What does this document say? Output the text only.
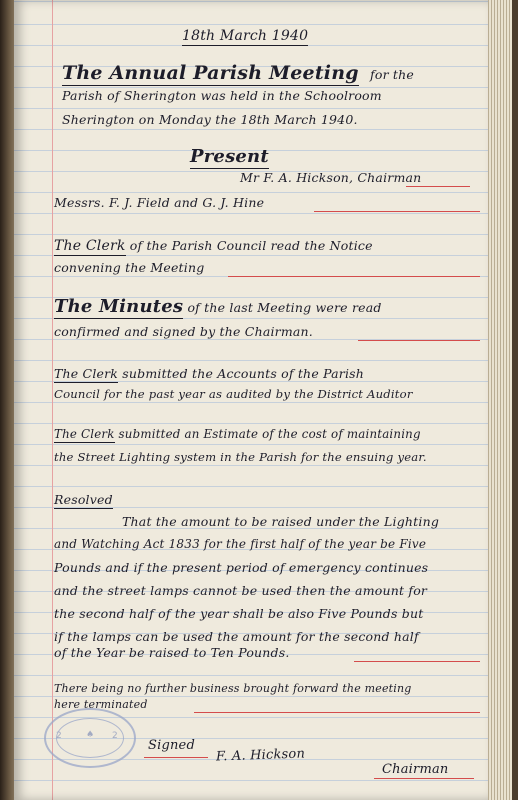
18th March 1940
The Annual Parish Meeting for the
Parish of Sherington was held in the Schoolroom
Sherington on Monday the 18th March 1940.
Present
Mr F. A. Hickson, Chairman
Messrs. F. J. Field and G. J. Hine
The Clerk of the Parish Council read the Notice
convening the Meeting
The Minutes of the last Meeting were read
confirmed and signed by the Chairman.
The Clerk submitted the Accounts of the Parish
Council for the past year as audited by the District Auditor
The Clerk submitted an Estimate of the cost of maintaining
the Street Lighting system in the Parish for the ensuing year.
Resolved
That the amount to be raised under the Lighting
and Watching Act 1833 for the first half of the year be Five
Pounds and if the present period of emergency continues
and the street lamps cannot be used then the amount for
the second half of the year shall be also Five Pounds but
if the lamps can be used the amount for the second half
of the Year be raised to Ten Pounds.
There being no further business brought forward the meeting
here terminated
Signed
F. A. Hickson
Chairman
2	♠ 2
